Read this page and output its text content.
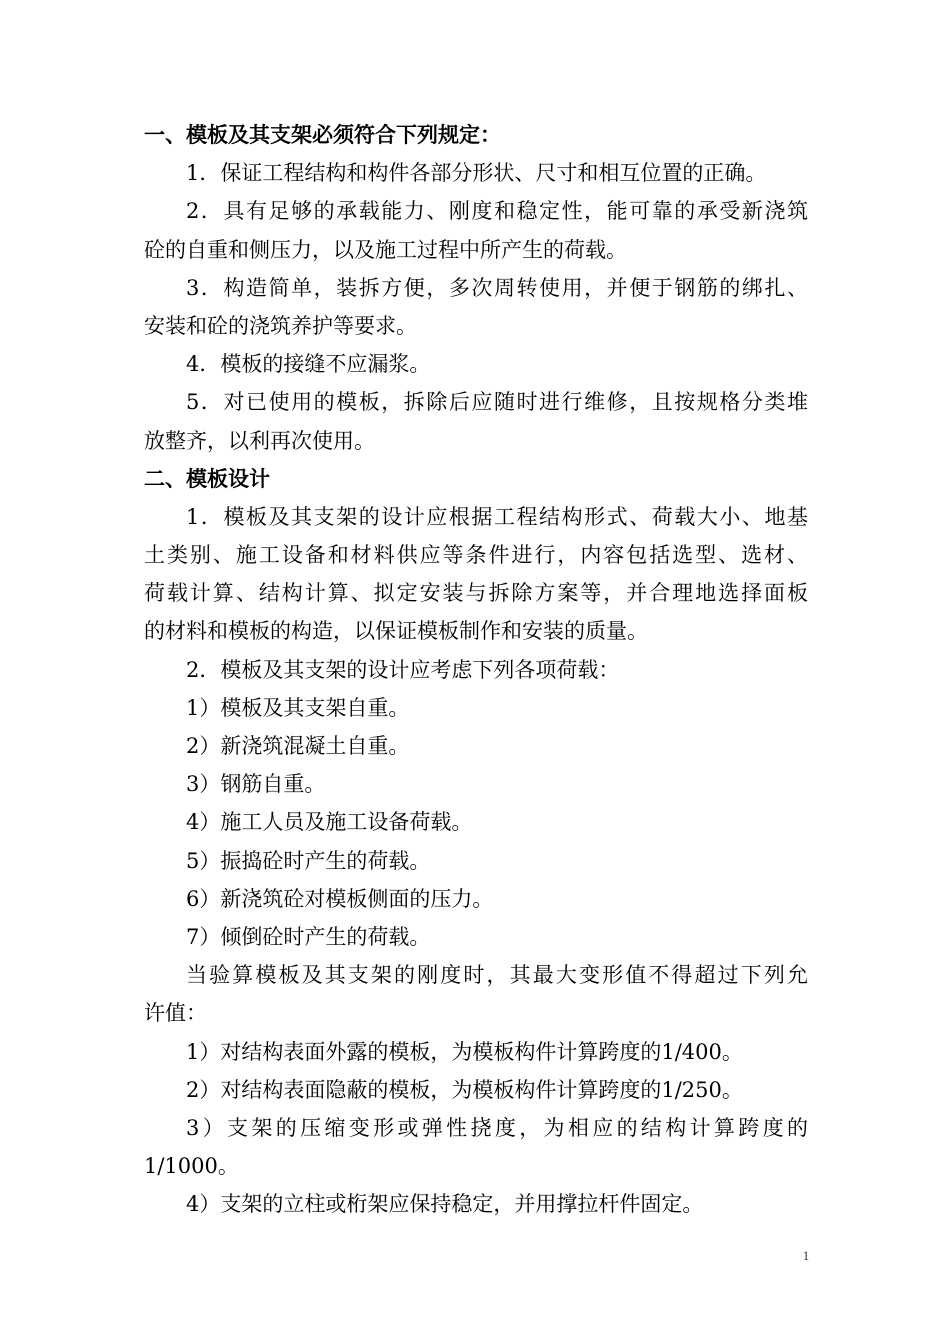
一、模板及其支架必须符合下列规定：
1．保证工程结构和构件各部分形状、尺寸和相互位置的正确。
2．具有足够的承载能力、刚度和稳定性，能可靠的承受新浇筑
砼的自重和侧压力，以及施工过程中所产生的荷载。
3．构造简单，装拆方便，多次周转使用，并便于钢筋的绑扎、
安装和砼的浇筑养护等要求。
4．模板的接缝不应漏浆。
5．对已使用的模板，拆除后应随时进行维修，且按规格分类堆
放整齐，以利再次使用。
二、模板设计
1．模板及其支架的设计应根据工程结构形式、荷载大小、地基
土类别、施工设备和材料供应等条件进行，内容包括选型、选材、
荷载计算、结构计算、拟定安装与拆除方案等，并合理地选择面板
的材料和模板的构造，以保证模板制作和安装的质量。
2．模板及其支架的设计应考虑下列各项荷载：
1）模板及其支架自重。
2）新浇筑混凝土自重。
3）钢筋自重。
4）施工人员及施工设备荷载。
5）振捣砼时产生的荷载。
6）新浇筑砼对模板侧面的压力。
7）倾倒砼时产生的荷载。
当验算模板及其支架的刚度时，其最大变形值不得超过下列允
许值：
1）对结构表面外露的模板，为模板构件计算跨度的1/400。
2）对结构表面隐蔽的模板，为模板构件计算跨度的1/250。
3）支架的压缩变形或弹性挠度，为相应的结构计算跨度的
1/1000。
4）支架的立柱或桁架应保持稳定，并用撑拉杆件固定。
1
